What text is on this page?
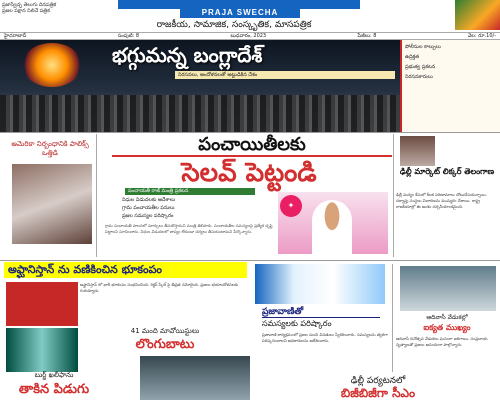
ప్రజాస్వేచ్ఛ తెలుగు దినపత్రిక
ప్రజల పక్షాన నిలిచే పత్రిక	PRAJA SWECHA
రాజకీయ, సామాజిక, సంస్కృతిక, మాసపత్రిక
హైదరాబాద్	సంపుటి: 8	బుధవారం, 2023	పేజీలు: 8	వెల: రూ.10/-
భగ్గుమన్న బంగ్లాదేశ్
నిరసనలు, ఆందోళనలతో అట్టుడికిన దేశం
పోలీసుల కాల్పులు
ఉద్రిక్తత
ప్రభుత్వ ప్రకటన
నిరసనకారులు
అమెరికా నిర్బంధానికి పాలిక్స్ ఒత్తిడి	పంచాయితీలకు
సెలవ్ పెట్టండి
పంచాయతీ రాజ్ మంత్రి ప్రకటన
నిధుల విడుదలకు ఆదేశాలు
గ్రామ పంచాయతీల పనులు
ప్రజల సమస్యల పరిష్కారం
గ్రామ పంచాయతీ పాలనలో మార్పులు తీసుకొస్తామని మంత్రి తెలిపారు. పంచాయతీల సమస్యలపై ప్రత్యేక దృష్టి పెట్టాలని సూచించారు. నిధుల విడుదలలో జాప్యం లేకుండా చర్యలు తీసుకుంటామని పేర్కొన్నారు.
✦
ఢిల్లీ మార్కెట్ లిక్కర్ తెలంగాణ
ఢిల్లీ మద్యం కేసులో కీలక పరిణామాలు చోటుచేసుకున్నాయి. దర్యాప్తు సంస్థలు విచారణను ముమ్మరం చేశాయి. రాష్ట్ర రాజకీయాల్లో ఈ అంశం చర్చనీయాంశమైంది.
అఫ్ఘానిస్తాన్ ను వణికించిన భూకంపం
అఫ్ఘానిస్తాన్ లో భారీ భూకంపం సంభవించింది. రిక్టర్ స్కేల్ పై తీవ్రత నమోదైంది. ప్రజలు భయాందోళనలకు గురయ్యారు.
41 మంది మావోయిస్టులు
లొంగుబాటు
బుర్జ్ ఖలీఫాను
తాకిన పిడుగు
ప్రజావాణితో
సమస్యలకు పరిష్కారం
ప్రజావాణి కార్యక్రమంలో ప్రజల నుంచి వినతులు స్వీకరించారు. సమస్యలను త్వరగా పరిష్కరించాలని అధికారులను ఆదేశించారు.
ఢిల్లీ పర్యటనలో
బిజీబిజీగా సీఎం
ఆదివాసీ వేడుకల్లో
ఐక్యత ముఖ్యం
ఆదివాసీ దినోత్సవ వేడుకలు ఘనంగా జరిగాయి. సంప్రదాయ నృత్యాలతో ప్రజలు ఆనందంగా పాల్గొన్నారు.
